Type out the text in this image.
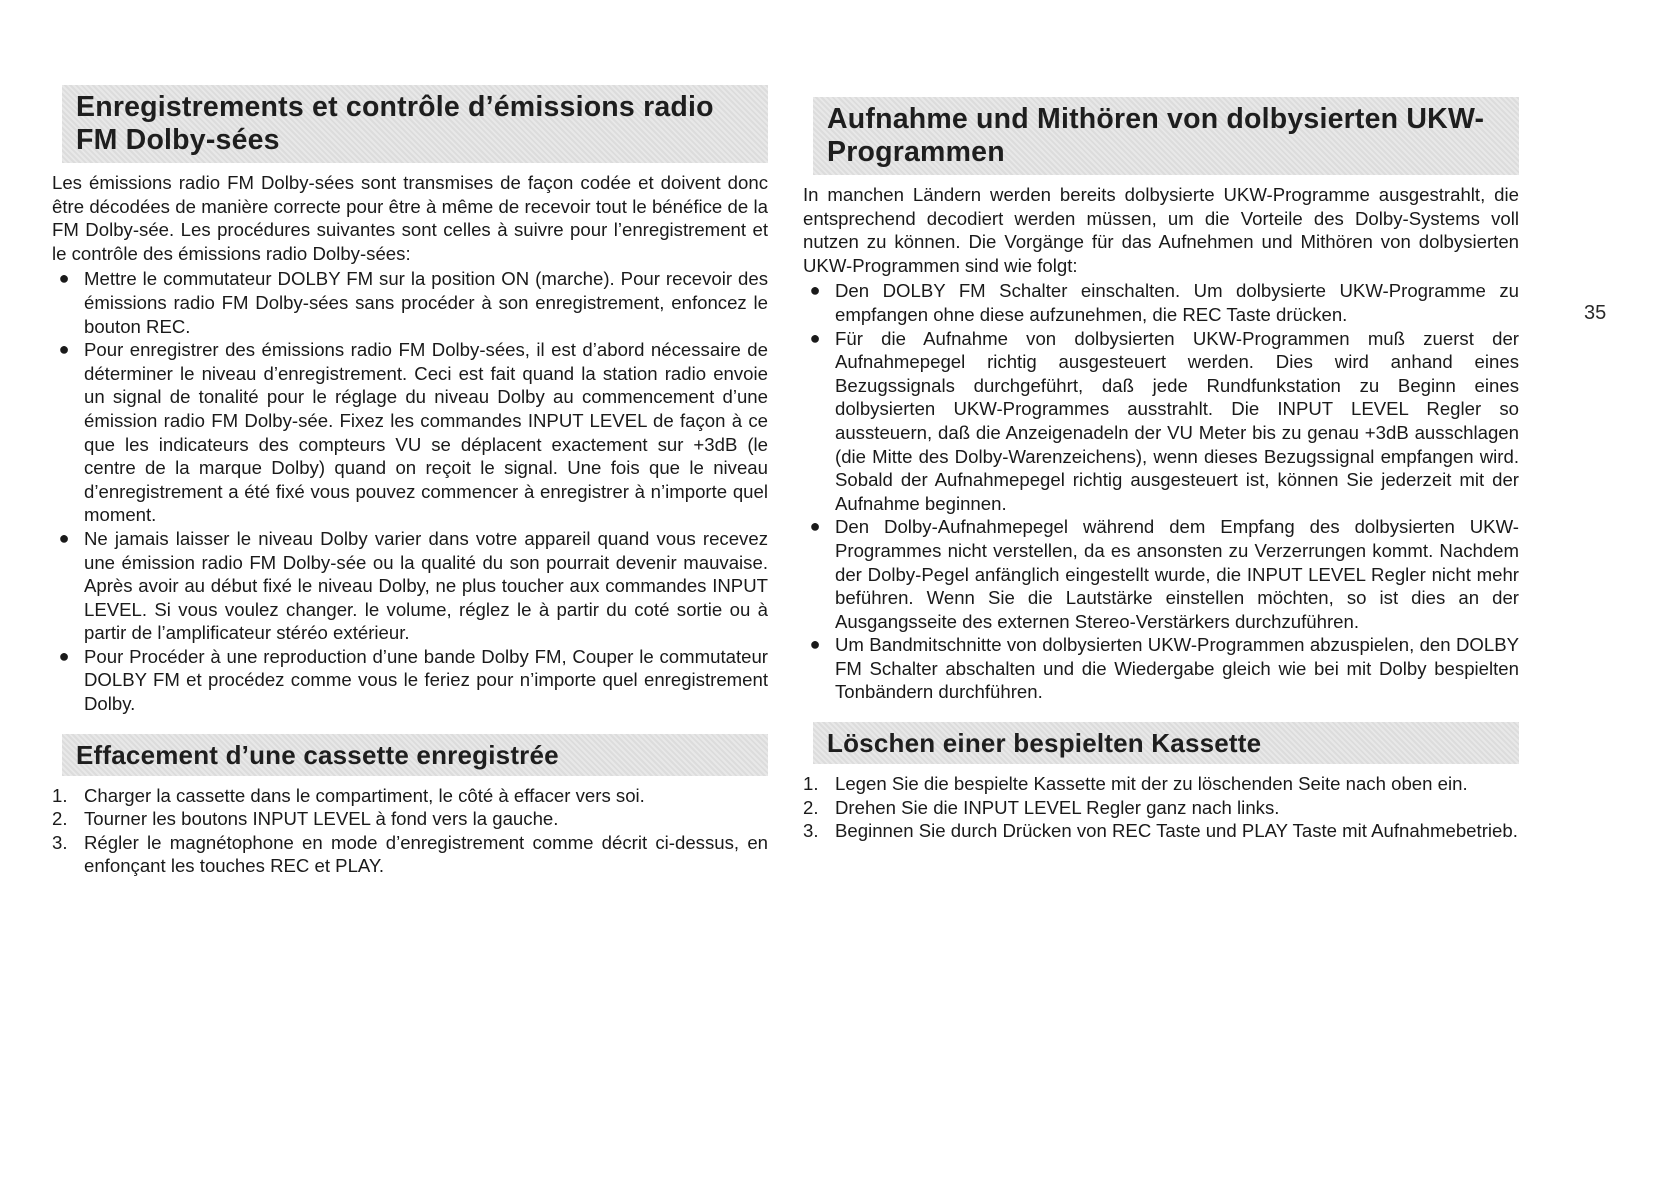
Enregistrements et contrôle d’émissions radio FM Dolby-sées

Les émissions radio FM Dolby-sées sont transmises de façon codée et doivent donc être décodées de manière correcte pour être à même de recevoir tout le bénéfice de la FM Dolby-sée. Les procédures suivantes sont celles à suivre pour l’enregistrement et le contrôle des émissions radio Dolby-sées:

● Mettre le commutateur DOLBY FM sur la position ON (marche). Pour recevoir des émissions radio FM Dolby-sées sans procéder à son enregistrement, enfoncez le bouton REC.
● Pour enregistrer des émissions radio FM Dolby-sées, il est d’abord nécessaire de déterminer le niveau d’enregistrement. Ceci est fait quand la station radio envoie un signal de tonalité pour le réglage du niveau Dolby au commencement d’une émission radio FM Dolby-sée. Fixez les commandes INPUT LEVEL de façon à ce que les indicateurs des compteurs VU se déplacent exactement sur +3dB (le centre de la marque Dolby) quand on reçoit le signal. Une fois que le niveau d’enregistrement a été fixé vous pouvez commencer à enregistrer à n’importe quel moment.
● Ne jamais laisser le niveau Dolby varier dans votre appareil quand vous recevez une émission radio FM Dolby-sée ou la qualité du son pourrait devenir mauvaise. Après avoir au début fixé le niveau Dolby, ne plus toucher aux commandes INPUT LEVEL. Si vous voulez changer. le volume, réglez le à partir du coté sortie ou à partir de l’amplificateur stéréo extérieur.
● Pour Procéder à une reproduction d’une bande Dolby FM, Couper le commutateur DOLBY FM et procédez comme vous le feriez pour n’importe quel enregistrement Dolby.
Effacement d’une cassette enregistrée
1. Charger la cassette dans le compartiment, le côté à effacer vers soi.
2. Tourner les boutons INPUT LEVEL à fond vers la gauche.
3. Régler le magnétophone en mode d’enregistrement comme décrit ci-dessus, en enfonçant les touches REC et PLAY.
Aufnahme und Mithören von dolbysierten UKW-Programmen

In manchen Ländern werden bereits dolbysierte UKW-Programme ausgestrahlt, die entsprechend decodiert werden müssen, um die Vorteile des Dolby-Systems voll nutzen zu können. Die Vorgänge für das Aufnehmen und Mithören von dolbysierten UKW-Programmen sind wie folgt:

● Den DOLBY FM Schalter einschalten. Um dolbysierte UKW-Programme zu empfangen ohne diese aufzunehmen, die REC Taste drücken.
● Für die Aufnahme von dolbysierten UKW-Programmen muß zuerst der Aufnahmepegel richtig ausgesteuert werden. Dies wird anhand eines Bezugssignals durchgeführt, daß jede Rundfunkstation zu Beginn eines dolbysierten UKW-Programmes ausstrahlt. Die INPUT LEVEL Regler so aussteuern, daß die Anzeigenadeln der VU Meter bis zu genau +3dB ausschlagen (die Mitte des Dolby-Warenzeichens), wenn dieses Bezugssignal empfangen wird. Sobald der Aufnahmepegel richtig ausgesteuert ist, können Sie jederzeit mit der Aufnahme beginnen.
● Den Dolby-Aufnahmepegel während dem Empfang des dolbysierten UKW-Programmes nicht verstellen, da es ansonsten zu Verzerrungen kommt. Nachdem der Dolby-Pegel anfänglich eingestellt wurde, die INPUT LEVEL Regler nicht mehr beführen. Wenn Sie die Lautstärke einstellen möchten, so ist dies an der Ausgangsseite des externen Stereo-Verstärkers durchzuführen.
● Um Bandmitschnitte von dolbysierten UKW-Programmen abzuspielen, den DOLBY FM Schalter abschalten und die Wiedergabe gleich wie bei mit Dolby bespielten Tonbändern durchführen.
Löschen einer bespielten Kassette
1. Legen Sie die bespielte Kassette mit der zu löschenden Seite nach oben ein.
2. Drehen Sie die INPUT LEVEL Regler ganz nach links.
3. Beginnen Sie durch Drücken von REC Taste und PLAY Taste mit Aufnahmebetrieb.
35
